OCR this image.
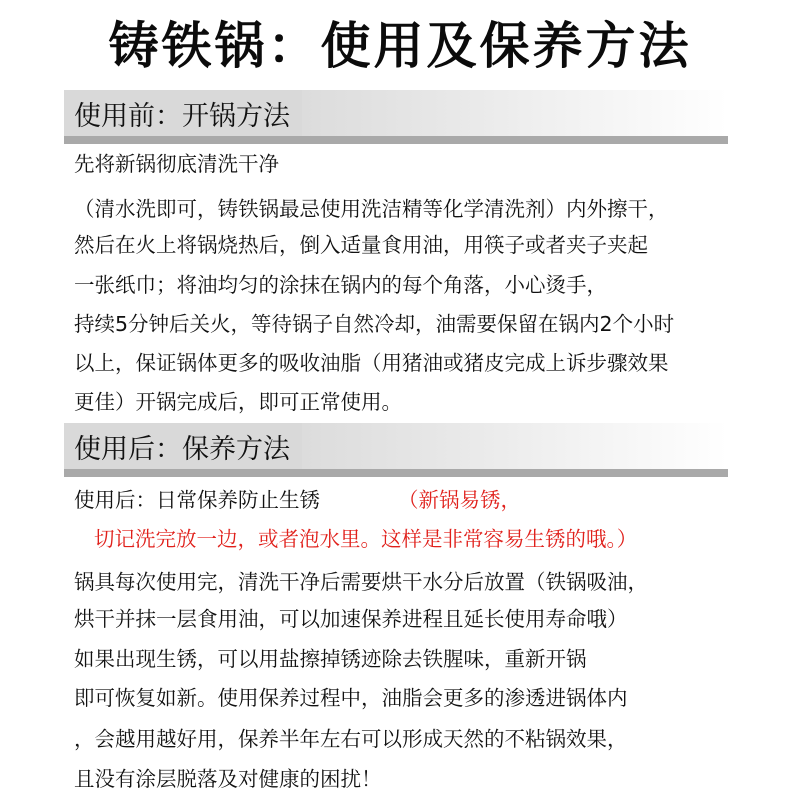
铸铁锅：使用及保养方法
使用前：开锅方法
先将新锅彻底清洗干净
（清水洗即可，铸铁锅最忌使用洗洁精等化学清洗剂）内外擦干，
然后在火上将锅烧热后，倒入适量食用油，用筷子或者夹子夹起
一张纸巾；将油均匀的涂抹在锅内的每个角落，小心烫手，
持续5分钟后关火，等待锅子自然冷却，油需要保留在锅内2个小时
以上，保证锅体更多的吸收油脂（用猪油或猪皮完成上诉步骤效果
更佳）开锅完成后，即可正常使用。
使用后：保养方法
使用后：日常保养防止生锈	（新锅易锈，
切记洗完放一边，或者泡水里。这样是非常容易生锈的哦。）
锅具每次使用完，清洗干净后需要烘干水分后放置（铁锅吸油，
烘干并抹一层食用油，可以加速保养进程且延长使用寿命哦）
如果出现生锈，可以用盐擦掉锈迹除去铁腥味，重新开锅
即可恢复如新。使用保养过程中，油脂会更多的渗透进锅体内
，会越用越好用，保养半年左右可以形成天然的不粘锅效果，
且没有涂层脱落及对健康的困扰！
